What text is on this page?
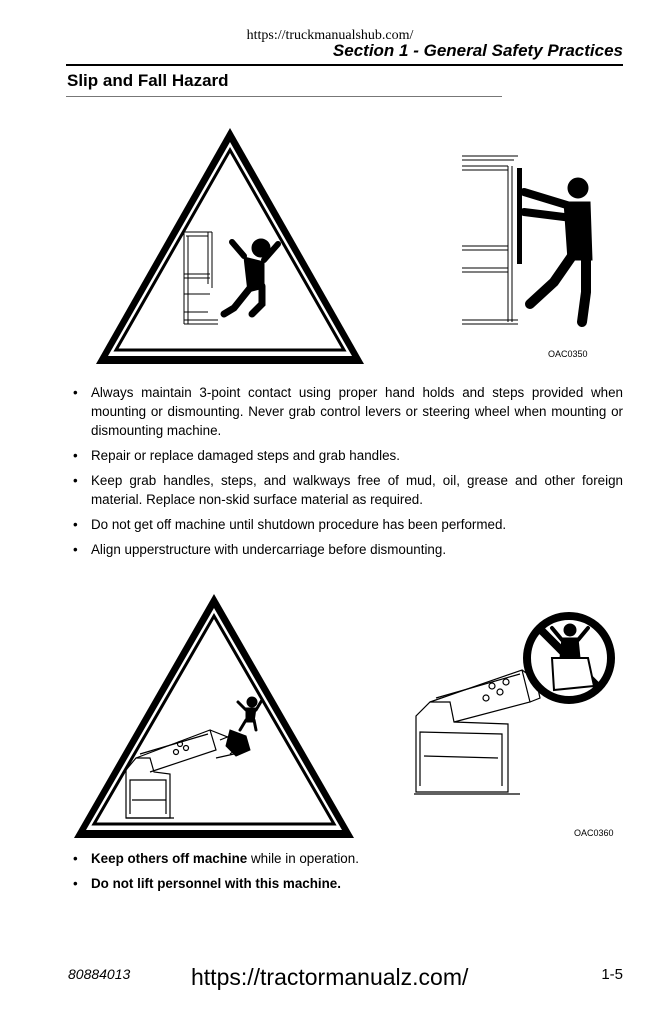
https://truckmanualshub.com/
Section 1 - General Safety Practices
Slip and Fall Hazard
OAC0350
• Always maintain 3-point contact using proper hand holds and steps provided when mounting or dismounting. Never grab control levers or steering wheel when mounting or dismounting machine.
• Repair or replace damaged steps and grab handles.
• Keep grab handles, steps, and walkways free of mud, oil, grease and other foreign material. Replace non-skid surface material as required.
• Do not get off machine until shutdown procedure has been performed.
• Align upperstructure with undercarriage before dismounting.
OAC0360
• Keep others off machine while in operation.
• Do not lift personnel with this machine.
80884013	https://tractormanualz.com/	1-5
